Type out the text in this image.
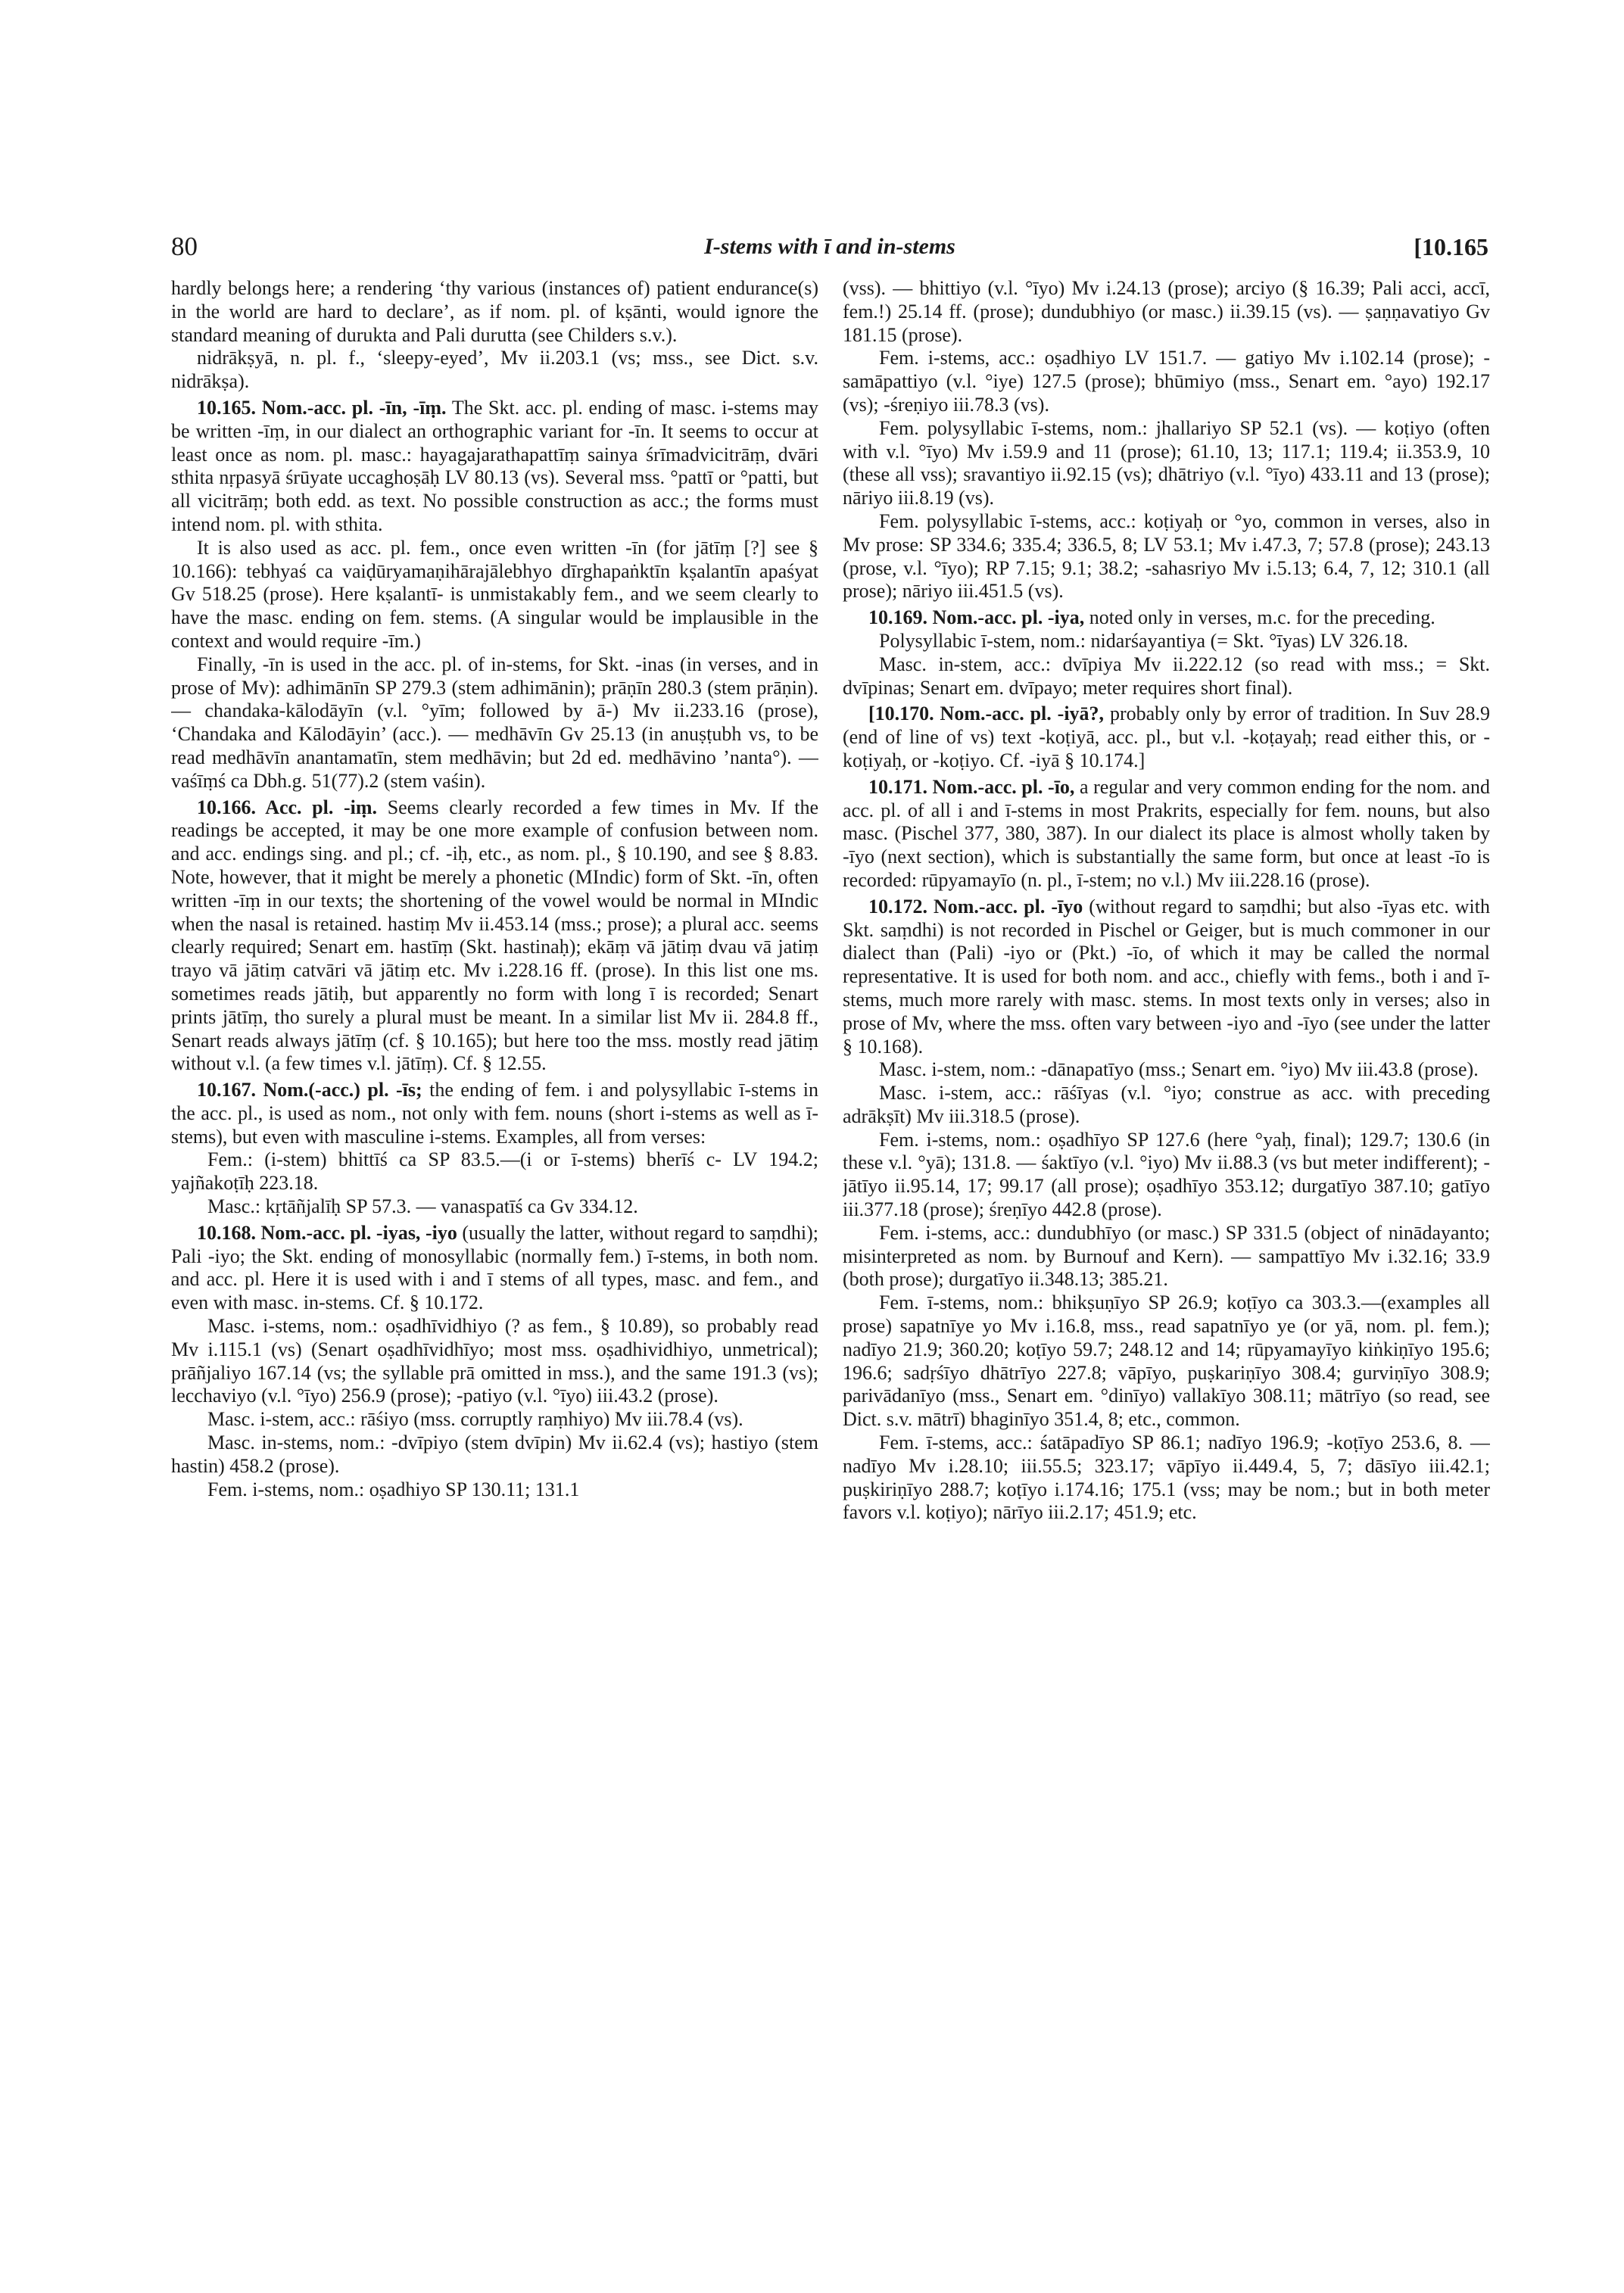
80	I-stems with ī and in-stems	[10.165

hardly belongs here; a rendering ‘thy various (instances of) patient endurance(s) in the world are hard to declare’, as if nom. pl. of kṣānti, would ignore the standard meaning of durukta and Pali durutta (see Childers s.v.).

nidrākṣyā, n. pl. f., ‘sleepy-eyed’, Mv ii.203.1 (vs; mss., see Dict. s.v. nidrākṣa).

10.165. Nom.-acc. pl. -īn, -īṃ. The Skt. acc. pl. ending of masc. i-stems may be written -īṃ, in our dialect an orthographic variant for -īn. It seems to occur at least once as nom. pl. masc.: hayagajarathapattīṃ sainya śrīmadvicitrāṃ, dvāri sthita nṛpasyā śrūyate uccaghoṣāḥ LV 80.13 (vs). Several mss. °pattī or °patti, but all vicitrāṃ; both edd. as text. No possible construction as acc.; the forms must intend nom. pl. with sthita.

It is also used as acc. pl. fem., once even written -īn (for jātīṃ [?] see § 10.166): tebhyaś ca vaiḍūryamaṇihārajālebhyo dīrghapaṅktīn kṣalantīn apaśyat Gv 518.25 (prose). Here kṣalantī- is unmistakably fem., and we seem clearly to have the masc. ending on fem. stems. (A singular would be implausible in the context and would require -īm.)

Finally, -īn is used in the acc. pl. of in-stems, for Skt. -inas (in verses, and in prose of Mv): adhimānīn SP 279.3 (stem adhimānin); prāṇīn 280.3 (stem prāṇin). — chandaka-kālodāyīn (v.l. °yīm; followed by ā-) Mv ii.233.16 (prose), ‘Chandaka and Kālodāyin’ (acc.). — medhāvīn Gv 25.13 (in anuṣṭubh vs, to be read medhāvīn anantamatīn, stem medhāvin; but 2d ed. medhāvino ’nanta°). — vaśīṃś ca Dbh.g. 51(77).2 (stem vaśin).

10.166. Acc. pl. -iṃ. Seems clearly recorded a few times in Mv. If the readings be accepted, it may be one more example of confusion between nom. and acc. endings sing. and pl.; cf. -iḥ, etc., as nom. pl., § 10.190, and see § 8.83. Note, however, that it might be merely a phonetic (MIndic) form of Skt. -īn, often written -īṃ in our texts; the shortening of the vowel would be normal in MIndic when the nasal is retained. hastiṃ Mv ii.453.14 (mss.; prose); a plural acc. seems clearly required; Senart em. hastīṃ (Skt. hastinaḥ); ekāṃ vā jātiṃ dvau vā jatiṃ trayo vā jātiṃ catvāri vā jātiṃ etc. Mv i.228.16 ff. (prose). In this list one ms. sometimes reads jātiḥ, but apparently no form with long ī is recorded; Senart prints jātīṃ, tho surely a plural must be meant. In a similar list Mv ii. 284.8 ff., Senart reads always jātīṃ (cf. § 10.165); but here too the mss. mostly read jātiṃ without v.l. (a few times v.l. jātīṃ). Cf. § 12.55.

10.167. Nom.(-acc.) pl. -īs; the ending of fem. i and polysyllabic ī-stems in the acc. pl., is used as nom., not only with fem. nouns (short i-stems as well as ī-stems), but even with masculine i-stems. Examples, all from verses:

Fem.: (i-stem) bhittīś ca SP 83.5.—(i or ī-stems) bherīś c- LV 194.2; yajñakoṭīḥ 223.18.

Masc.: kṛtāñjalīḥ SP 57.3. — vanaspatīś ca Gv 334.12.

10.168. Nom.-acc. pl. -iyas, -iyo (usually the latter, without regard to saṃdhi); Pali -iyo; the Skt. ending of monosyllabic (normally fem.) ī-stems, in both nom. and acc. pl. Here it is used with i and ī stems of all types, masc. and fem., and even with masc. in-stems. Cf. § 10.172.

Masc. i-stems, nom.: oṣadhīvidhiyo (? as fem., § 10.89), so probably read Mv i.115.1 (vs) (Senart oṣadhīvidhīyo; most mss. oṣadhividhiyo, unmetrical); prāñjaliyo 167.14 (vs; the syllable prā omitted in mss.), and the same 191.3 (vs); lecchaviyo (v.l. °īyo) 256.9 (prose); -patiyo (v.l. °īyo) iii.43.2 (prose).

Masc. i-stem, acc.: rāśiyo (mss. corruptly raṃhiyo) Mv iii.78.4 (vs).

Masc. in-stems, nom.: -dvīpiyo (stem dvīpin) Mv ii.62.4 (vs); hastiyo (stem hastin) 458.2 (prose).

Fem. i-stems, nom.: oṣadhiyo SP 130.11; 131.1

(vss). — bhittiyo (v.l. °īyo) Mv i.24.13 (prose); arciyo (§ 16.39; Pali acci, accī, fem.!) 25.14 ff. (prose); dundubhiyo (or masc.) ii.39.15 (vs). — ṣaṇṇavatiyo Gv 181.15 (prose).

Fem. i-stems, acc.: oṣadhiyo LV 151.7. — gatiyo Mv i.102.14 (prose); -samāpattiyo (v.l. °iye) 127.5 (prose); bhūmiyo (mss., Senart em. °ayo) 192.17 (vs); -śreṇiyo iii.78.3 (vs).

Fem. polysyllabic ī-stems, nom.: jhallariyo SP 52.1 (vs). — koṭiyo (often with v.l. °īyo) Mv i.59.9 and 11 (prose); 61.10, 13; 117.1; 119.4; ii.353.9, 10 (these all vss); sravantiyo ii.92.15 (vs); dhātriyo (v.l. °īyo) 433.11 and 13 (prose); nāriyo iii.8.19 (vs).

Fem. polysyllabic ī-stems, acc.: koṭiyaḥ or °yo, common in verses, also in Mv prose: SP 334.6; 335.4; 336.5, 8; LV 53.1; Mv i.47.3, 7; 57.8 (prose); 243.13 (prose, v.l. °īyo); RP 7.15; 9.1; 38.2; -sahasriyo Mv i.5.13; 6.4, 7, 12; 310.1 (all prose); nāriyo iii.451.5 (vs).

10.169. Nom.-acc. pl. -iya, noted only in verses, m.c. for the preceding.

Polysyllabic ī-stem, nom.: nidarśayantiya (= Skt. °īyas) LV 326.18.

Masc. in-stem, acc.: dvīpiya Mv ii.222.12 (so read with mss.; = Skt. dvīpinas; Senart em. dvīpayo; meter requires short final).

[10.170. Nom.-acc. pl. -iyā?, probably only by error of tradition. In Suv 28.9 (end of line of vs) text -koṭiyā, acc. pl., but v.l. -koṭayaḥ; read either this, or -koṭiyaḥ, or -koṭiyo. Cf. -iyā § 10.174.]

10.171. Nom.-acc. pl. -īo, a regular and very common ending for the nom. and acc. pl. of all i and ī-stems in most Prakrits, especially for fem. nouns, but also masc. (Pischel 377, 380, 387). In our dialect its place is almost wholly taken by -īyo (next section), which is substantially the same form, but once at least -īo is recorded: rūpyamayīo (n. pl., ī-stem; no v.l.) Mv iii.228.16 (prose).

10.172. Nom.-acc. pl. -īyo (without regard to saṃdhi; but also -īyas etc. with Skt. saṃdhi) is not recorded in Pischel or Geiger, but is much commoner in our dialect than (Pali) -iyo or (Pkt.) -īo, of which it may be called the normal representative. It is used for both nom. and acc., chiefly with fems., both i and ī-stems, much more rarely with masc. stems. In most texts only in verses; also in prose of Mv, where the mss. often vary between -iyo and -īyo (see under the latter § 10.168).

Masc. i-stem, nom.: -dānapatīyo (mss.; Senart em. °iyo) Mv iii.43.8 (prose).

Masc. i-stem, acc.: rāśīyas (v.l. °iyo; construe as acc. with preceding adrākṣīt) Mv iii.318.5 (prose).

Fem. i-stems, nom.: oṣadhīyo SP 127.6 (here °yaḥ, final); 129.7; 130.6 (in these v.l. °yā); 131.8. — śaktīyo (v.l. °iyo) Mv ii.88.3 (vs but meter indifferent); -jātīyo ii.95.14, 17; 99.17 (all prose); oṣadhīyo 353.12; durgatīyo 387.10; gatīyo iii.377.18 (prose); śreṇīyo 442.8 (prose).

Fem. i-stems, acc.: dundubhīyo (or masc.) SP 331.5 (object of ninādayanto; misinterpreted as nom. by Burnouf and Kern). — sampattīyo Mv i.32.16; 33.9 (both prose); durgatīyo ii.348.13; 385.21.

Fem. ī-stems, nom.: bhikṣuṇīyo SP 26.9; koṭīyo ca 303.3.—(examples all prose) sapatnīye yo Mv i.16.8, mss., read sapatnīyo ye (or yā, nom. pl. fem.); nadīyo 21.9; 360.20; koṭīyo 59.7; 248.12 and 14; rūpyamayīyo kiṅkiṇīyo 195.6; 196.6; sadṛśīyo dhātrīyo 227.8; vāpīyo, puṣkariṇīyo 308.4; gurviṇīyo 308.9; parivādanīyo (mss., Senart em. °dinīyo) vallakīyo 308.11; mātrīyo (so read, see Dict. s.v. mātrī) bhaginīyo 351.4, 8; etc., common.

Fem. ī-stems, acc.: śatāpadīyo SP 86.1; nadīyo 196.9; -koṭīyo 253.6, 8. — nadīyo Mv i.28.10; iii.55.5; 323.17; vāpīyo ii.449.4, 5, 7; dāsīyo iii.42.1; puṣkiriṇīyo 288.7; koṭīyo i.174.16; 175.1 (vss; may be nom.; but in both meter favors v.l. koṭiyo); nārīyo iii.2.17; 451.9; etc.
